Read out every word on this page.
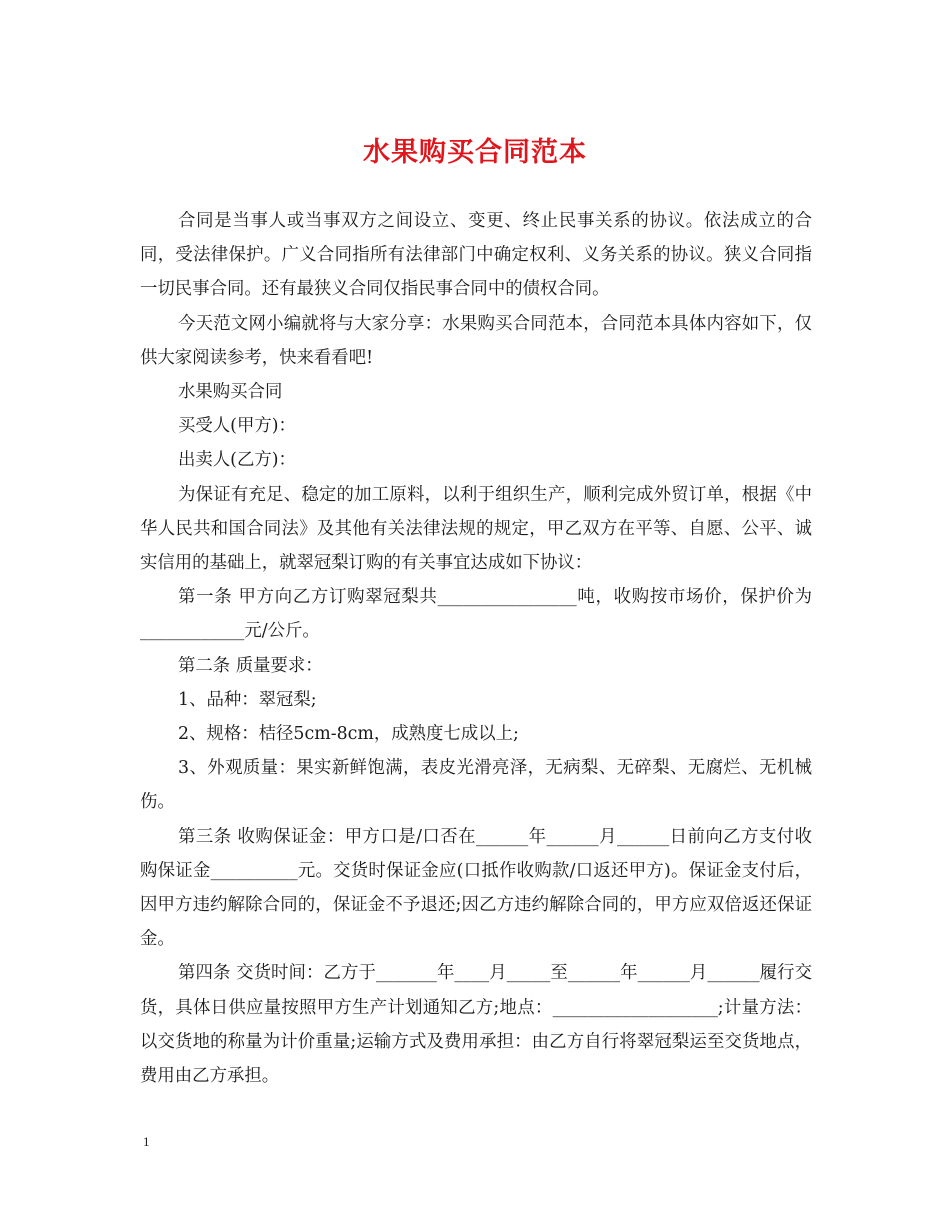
水果购买合同范本

合同是当事人或当事双方之间设立、变更、终止民事关系的协议。依法成立的合同，受法律保护。广义合同指所有法律部门中确定权利、义务关系的协议。狭义合同指一切民事合同。还有最狭义合同仅指民事合同中的债权合同。

今天范文网小编就将与大家分享：水果购买合同范本，合同范本具体内容如下，仅供大家阅读参考，快来看看吧!

水果购买合同

买受人(甲方)：

出卖人(乙方)：

为保证有充足、稳定的加工原料，以利于组织生产，顺利完成外贸订单，根据《中华人民共和国合同法》及其他有关法律法规的规定，甲乙双方在平等、自愿、公平、诚实信用的基础上，就翠冠梨订购的有关事宜达成如下协议：

第一条 甲方向乙方订购翠冠梨共________________吨，收购按市场价，保护价为____________元/公斤。

第二条 质量要求：

1、品种：翠冠梨;

2、规格：桔径5cm-8cm，成熟度七成以上;

3、外观质量：果实新鲜饱满，表皮光滑亮泽，无病梨、无碎梨、无腐烂、无机械伤。

第三条 收购保证金：甲方口是/口否在______年______月______日前向乙方支付收购保证金__________元。交货时保证金应(口抵作收购款/口返还甲方)。保证金支付后，因甲方违约解除合同的，保证金不予退还;因乙方违约解除合同的，甲方应双倍返还保证金。

第四条 交货时间：乙方于_______年____月_____至______年______月______履行交货，具体日供应量按照甲方生产计划通知乙方;地点：___________________;计量方法：以交货地的称量为计价重量;运输方式及费用承担：由乙方自行将翠冠梨运至交货地点，费用由乙方承担。

1
